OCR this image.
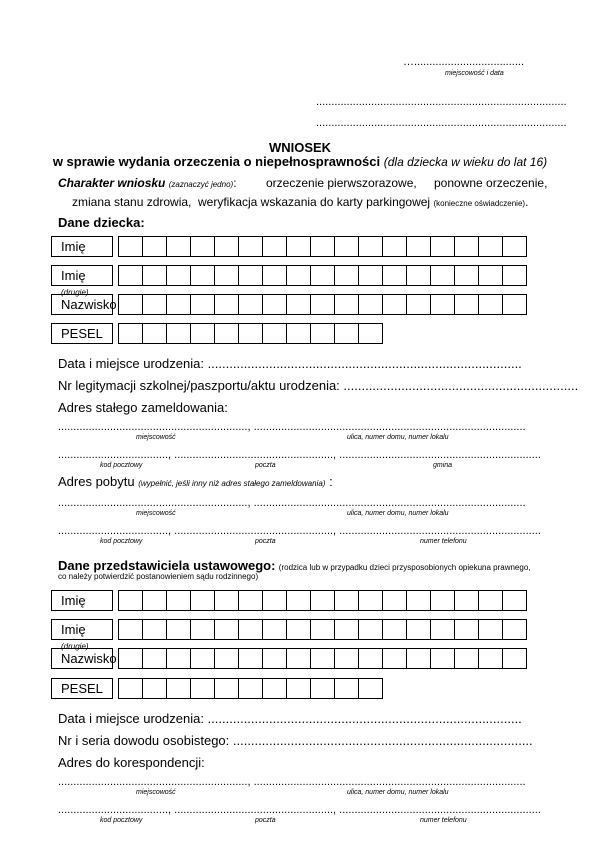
…....................................
miejscowość i data
..................................................................................
..................................................................................
WNIOSEK
w sprawie wydania orzeczenia o niepełnosprawności (dla dziecka w wieku do lat 16)
Charakter wniosku (zaznaczyć jedno): orzeczenie pierwszorazowe, ponowne orzeczenie,
zmiana stanu zdrowia, weryfikacja wskazania do karty parkingowej (konieczne oświadczenie).
Dane dziecka:
Imię
Imię (drugie)
Nazwisko
PESEL
Data i miejsce urodzenia: .......................................................................................
Nr legitymacji szkolnej/paszportu/aktu urodzenia: .................................................................
Adres stałego zameldowania:
.............................................................., .........................................................................................
miejscowość	ulica, numer domu, numer lokalu
...................................., ...................................................., ..................................................................
kod pocztowy	poczta	gmina
Adres pobytu (wypełnić, jeśli inny niż adres stałego zameldowania) :
.............................................................., .........................................................................................
miejscowość	ulica, numer domu, numer lokalu
...................................., ...................................................., ..................................................................
kod pocztowy	poczta	numer telefonu
Dane przedstawiciela ustawowego: (rodzica lub w przypadku dzieci przysposobionych opiekuna prawnego,
co należy potwierdzić postanowieniem sądu rodzinnego)
Imię
Imię (drugie)
Nazwisko
PESEL
Data i miejsce urodzenia: .......................................................................................
Nr i seria dowodu osobistego: ...................................................................................
Adres do korespondencji:
.............................................................., .........................................................................................
miejscowość	ulica, numer domu, numer lokalu
...................................., ...................................................., ..................................................................
kod pocztowy	poczta	numer telefonu
